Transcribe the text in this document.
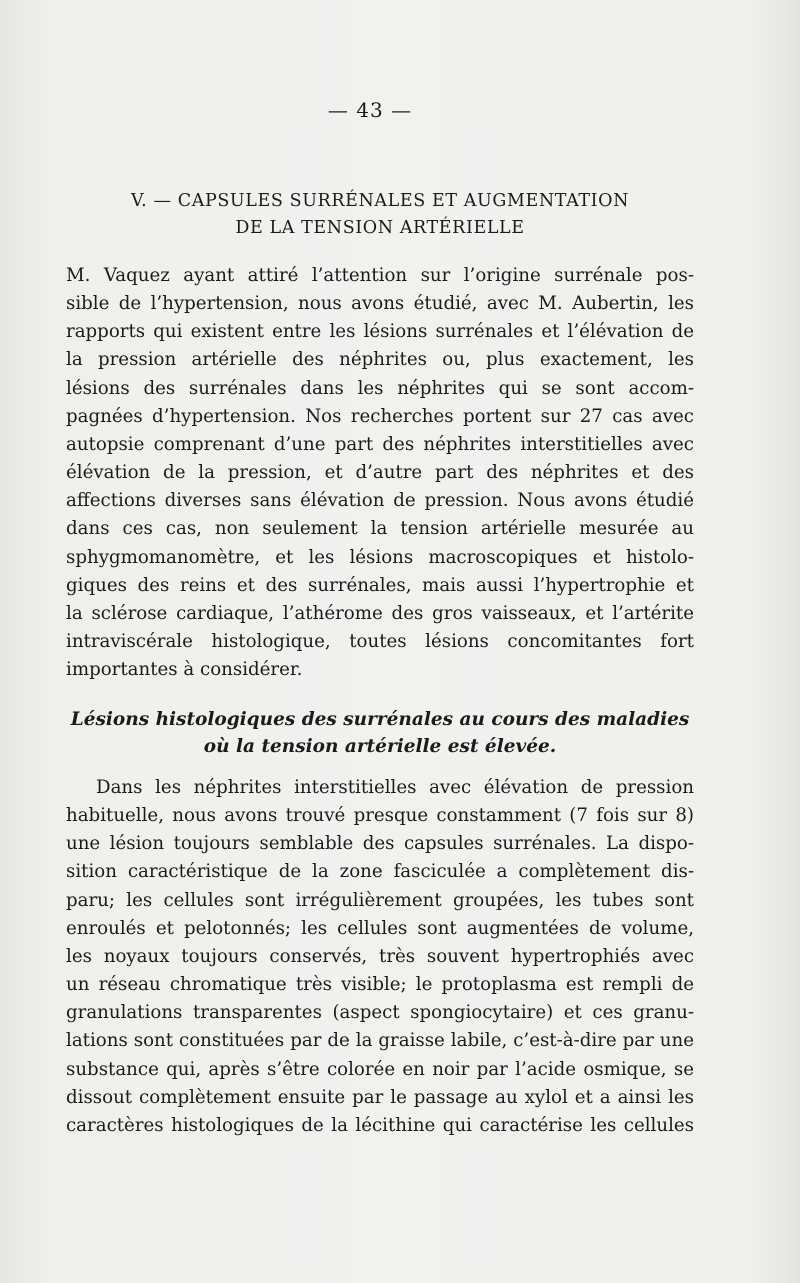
— 43 —
V. — CAPSULES SURRÉNALES ET AUGMENTATION
DE LA TENSION ARTÉRIELLE

M. Vaquez ayant attiré l’attention sur l’origine surrénale pos-
sible de l’hypertension, nous avons étudié, avec M. Aubertin, les
rapports qui existent entre les lésions surrénales et l’élévation de
la pression artérielle des néphrites ou, plus exactement, les
lésions des surrénales dans les néphrites qui se sont accom-
pagnées d’hypertension. Nos recherches portent sur 27 cas avec
autopsie comprenant d’une part des néphrites interstitielles avec
élévation de la pression, et d’autre part des néphrites et des
affections diverses sans élévation de pression. Nous avons étudié
dans ces cas, non seulement la tension artérielle mesurée au
sphygmomanomètre, et les lésions macroscopiques et histolo-
giques des reins et des surrénales, mais aussi l’hypertrophie et
la sclérose cardiaque, l’athérome des gros vaisseaux, et l’artérite
intraviscérale histologique, toutes lésions concomitantes fort
importantes à considérer.

Lésions histologiques des surrénales au cours des maladies
où la tension artérielle est élevée.

Dans les néphrites interstitielles avec élévation de pression
habituelle, nous avons trouvé presque constamment (7 fois sur 8)
une lésion toujours semblable des capsules surrénales. La dispo-
sition caractéristique de la zone fasciculée a complètement dis-
paru; les cellules sont irrégulièrement groupées, les tubes sont
enroulés et pelotonnés; les cellules sont augmentées de volume,
les noyaux toujours conservés, très souvent hypertrophiés avec
un réseau chromatique très visible; le protoplasma est rempli de
granulations transparentes (aspect spongiocytaire) et ces granu-
lations sont constituées par de la graisse labile, c’est-à-dire par une
substance qui, après s’être colorée en noir par l’acide osmique, se
dissout complètement ensuite par le passage au xylol et a ainsi les
caractères histologiques de la lécithine qui caractérise les cellules
